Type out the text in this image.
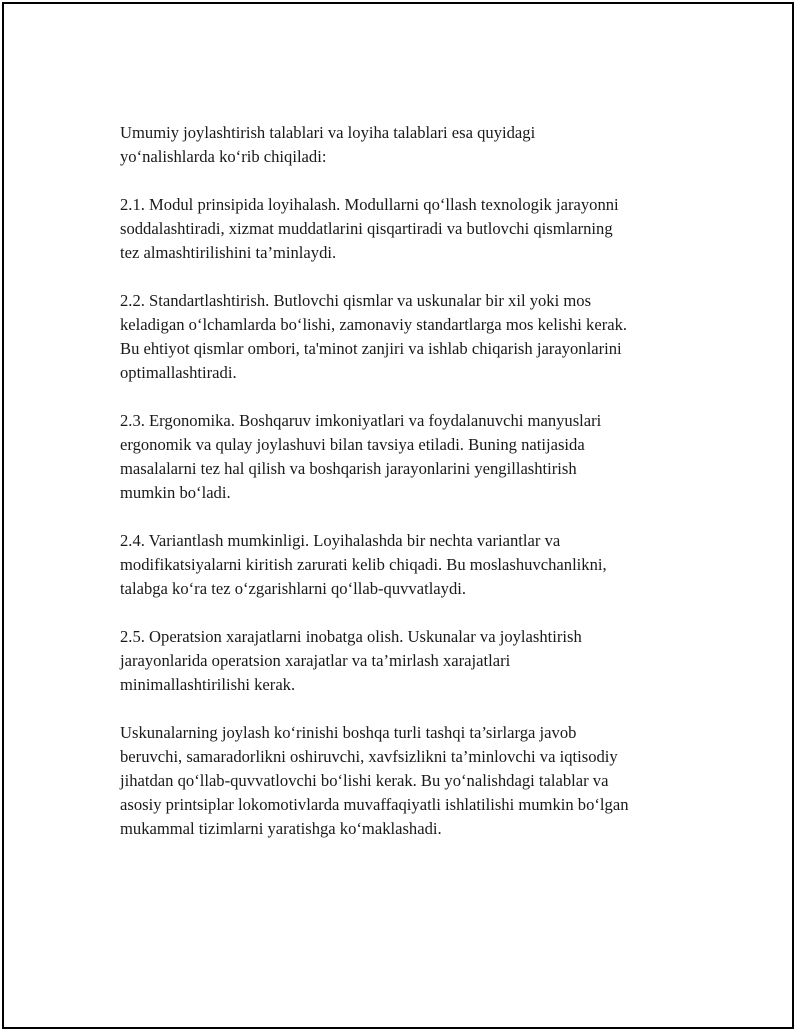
Umumiy joylashtirish talablari va loyiha talablari esa quyidagi
yo‘nalishlarda ko‘rib chiqiladi:

2.1. Modul prinsipida loyihalash. Modullarni qo‘llash texnologik jarayonni
soddalashtiradi, xizmat muddatlarini qisqartiradi va butlovchi qismlarning
tez almashtirilishini ta’minlaydi.

2.2. Standartlashtirish. Butlovchi qismlar va uskunalar bir xil yoki mos
keladigan o‘lchamlarda bo‘lishi, zamonaviy standartlarga mos kelishi kerak.
Bu ehtiyot qismlar ombori, ta'minot zanjiri va ishlab chiqarish jarayonlarini
optimallashtiradi.

2.3. Ergonomika. Boshqaruv imkoniyatlari va foydalanuvchi manyuslari
ergonomik va qulay joylashuvi bilan tavsiya etiladi. Buning natijasida
masalalarni tez hal qilish va boshqarish jarayonlarini yengillashtirish
mumkin bo‘ladi.

2.4. Variantlash mumkinligi. Loyihalashda bir nechta variantlar va
modifikatsiyalarni kiritish zarurati kelib chiqadi. Bu moslashuvchanlikni,
talabga ko‘ra tez o‘zgarishlarni qo‘llab-quvvatlaydi.

2.5. Operatsion xarajatlarni inobatga olish. Uskunalar va joylashtirish
jarayonlarida operatsion xarajatlar va ta’mirlash xarajatlari
minimallashtirilishi kerak.

Uskunalarning joylash ko‘rinishi boshqa turli tashqi ta’sirlarga javob
beruvchi, samaradorlikni oshiruvchi, xavfsizlikni ta’minlovchi va iqtisodiy
jihatdan qo‘llab-quvvatlovchi bo‘lishi kerak. Bu yo‘nalishdagi talablar va
asosiy printsiplar lokomotivlarda muvaffaqiyatli ishlatilishi mumkin bo‘lgan
mukammal tizimlarni yaratishga ko‘maklashadi.
